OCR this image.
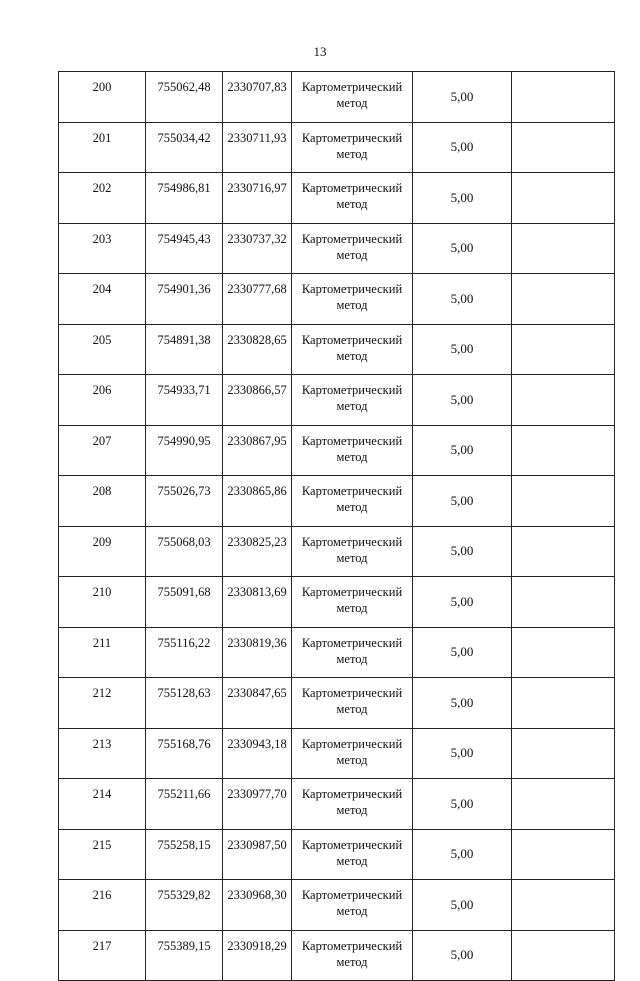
13
200	755062,48	2330707,83	Картометрический
метод	5,00	
201	755034,42	2330711,93	Картометрический
метод	5,00	
202	754986,81	2330716,97	Картометрический
метод	5,00	
203	754945,43	2330737,32	Картометрический
метод	5,00	
204	754901,36	2330777,68	Картометрический
метод	5,00	
205	754891,38	2330828,65	Картометрический
метод	5,00	
206	754933,71	2330866,57	Картометрический
метод	5,00	
207	754990,95	2330867,95	Картометрический
метод	5,00	
208	755026,73	2330865,86	Картометрический
метод	5,00	
209	755068,03	2330825,23	Картометрический
метод	5,00	
210	755091,68	2330813,69	Картометрический
метод	5,00	
211	755116,22	2330819,36	Картометрический
метод	5,00	
212	755128,63	2330847,65	Картометрический
метод	5,00	
213	755168,76	2330943,18	Картометрический
метод	5,00	
214	755211,66	2330977,70	Картометрический
метод	5,00	
215	755258,15	2330987,50	Картометрический
метод	5,00	
216	755329,82	2330968,30	Картометрический
метод	5,00	
217	755389,15	2330918,29	Картометрический
метод	5,00	
